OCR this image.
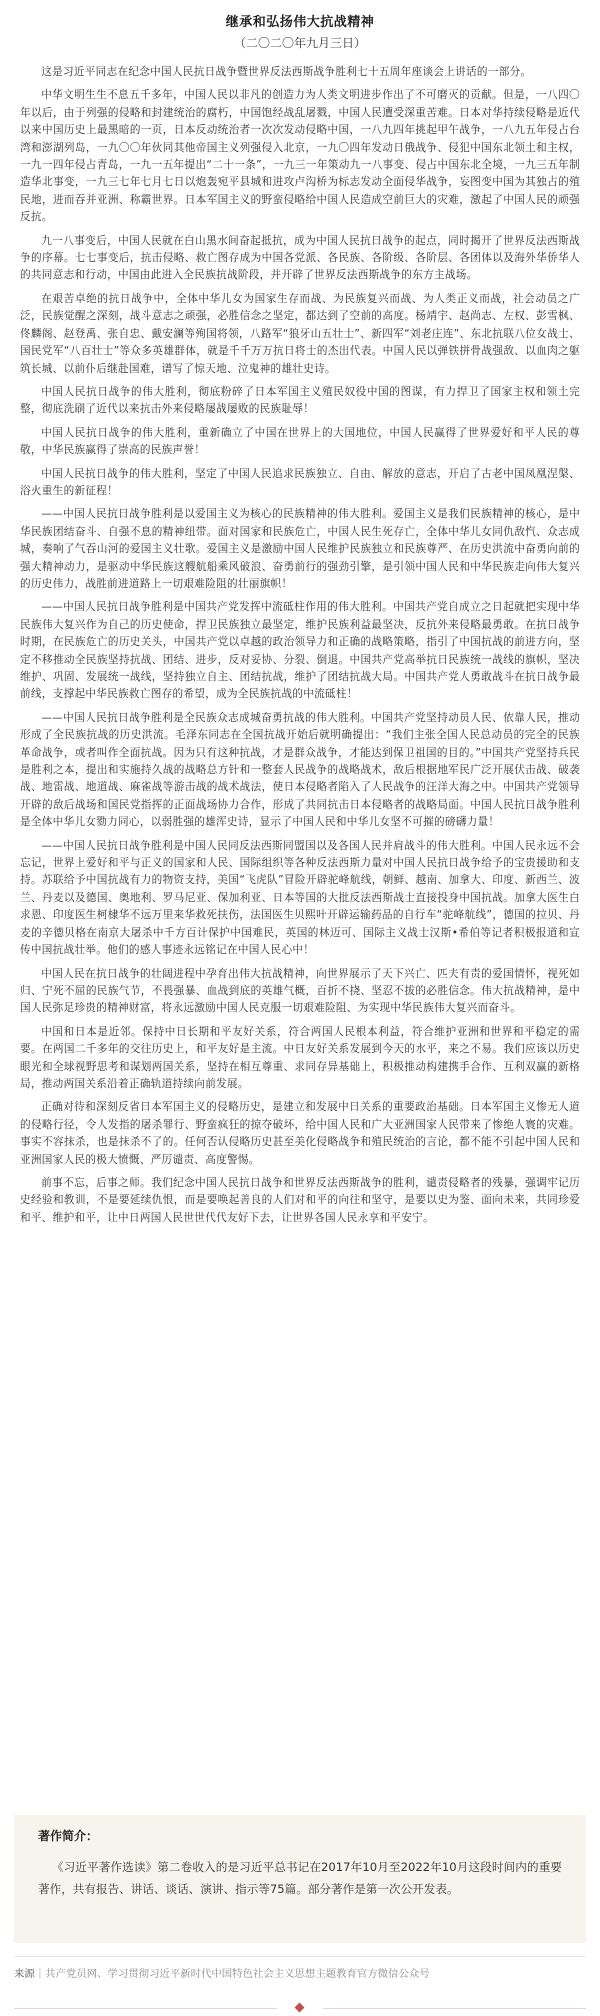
继承和弘扬伟大抗战精神
（二〇二〇年九月三日）

这是习近平同志在纪念中国人民抗日战争暨世界反法西斯战争胜利七十五周年座谈会上讲话的一部分。

中华文明生生不息五千多年，中国人民以非凡的创造力为人类文明进步作出了不可磨灭的贡献。但是，一八四〇年以后，由于列强的侵略和封建统治的腐朽，中国饱经战乱屠戮，中国人民遭受深重苦难。日本对华持续侵略是近代以来中国历史上最黑暗的一页，日本反动统治者一次次发动侵略中国，一八九四年挑起甲午战争，一八九五年侵占台湾和澎湖列岛，一九〇〇年伙同其他帝国主义列强侵入北京，一九〇四年发动日俄战争、侵犯中国东北领土和主权，一九一四年侵占青岛，一九一五年提出“二十一条”，一九三一年策动九一八事变、侵占中国东北全境，一九三五年制造华北事变，一九三七年七月七日以炮轰宛平县城和进攻卢沟桥为标志发动全面侵华战争，妄图变中国为其独占的殖民地，进而吞并亚洲、称霸世界。日本军国主义的野蛮侵略给中国人民造成空前巨大的灾难，激起了中国人民的顽强反抗。

九一八事变后，中国人民就在白山黑水间奋起抵抗，成为中国人民抗日战争的起点，同时揭开了世界反法西斯战争的序幕。七七事变后，抗击侵略、救亡图存成为中国各党派、各民族、各阶级、各阶层、各团体以及海外华侨华人的共同意志和行动，中国由此进入全民族抗战阶段，并开辟了世界反法西斯战争的东方主战场。

在艰苦卓绝的抗日战争中，全体中华儿女为国家生存而战、为民族复兴而战、为人类正义而战，社会动员之广泛，民族觉醒之深刻，战斗意志之顽强，必胜信念之坚定，都达到了空前的高度。杨靖宇、赵尚志、左权、彭雪枫、佟麟阁、赵登禹、张自忠、戴安澜等殉国将领，八路军“狼牙山五壮士”、新四军“刘老庄连”、东北抗联八位女战士、国民党军“八百壮士”等众多英雄群体，就是千千万万抗日将士的杰出代表。中国人民以弹铁拼骨战强敌、以血肉之躯筑长城、以前仆后继赴国难，谱写了惊天地、泣鬼神的雄壮史诗。

中国人民抗日战争的伟大胜利，彻底粉碎了日本军国主义殖民奴役中国的图谋，有力捍卫了国家主权和领土完整，彻底洗刷了近代以来抗击外来侵略屡战屡败的民族耻辱！

中国人民抗日战争的伟大胜利，重新确立了中国在世界上的大国地位，中国人民赢得了世界爱好和平人民的尊敬，中华民族赢得了崇高的民族声誉！

中国人民抗日战争的伟大胜利，坚定了中国人民追求民族独立、自由、解放的意志，开启了古老中国凤凰涅槃、浴火重生的新征程！

——中国人民抗日战争胜利是以爱国主义为核心的民族精神的伟大胜利。爱国主义是我们民族精神的核心，是中华民族团结奋斗、自强不息的精神纽带。面对国家和民族危亡，中国人民生死存亡，全体中华儿女同仇敌忾、众志成城，奏响了气吞山河的爱国主义壮歌。爱国主义是激励中国人民维护民族独立和民族尊严、在历史洪流中奋勇向前的强大精神动力，是驱动中华民族这艘航船乘风破浪、奋勇前行的强劲引擎，是引领中国人民和中华民族走向伟大复兴的历史伟力，战胜前进道路上一切艰难险阻的壮丽旗帜！

——中国人民抗日战争胜利是中国共产党发挥中流砥柱作用的伟大胜利。中国共产党自成立之日起就把实现中华民族伟大复兴作为自己的历史使命，捍卫民族独立最坚定，维护民族利益最坚决，反抗外来侵略最勇敢。在抗日战争时期，在民族危亡的历史关头，中国共产党以卓越的政治领导力和正确的战略策略，指引了中国抗战的前进方向，坚定不移推动全民族坚持抗战、团结、进步，反对妥协、分裂、倒退。中国共产党高举抗日民族统一战线的旗帜，坚决维护、巩固、发展统一战线，坚持独立自主、团结抗战，维护了团结抗战大局。中国共产党人勇敢战斗在抗日战争最前线，支撑起中华民族救亡图存的希望，成为全民族抗战的中流砥柱！

——中国人民抗日战争胜利是全民族众志成城奋勇抗战的伟大胜利。中国共产党坚持动员人民、依靠人民，推动形成了全民族抗战的历史洪流。毛泽东同志在全国抗战开始后就明确提出：“我们主张全国人民总动员的完全的民族革命战争，或者叫作全面抗战。因为只有这种抗战，才是群众战争，才能达到保卫祖国的目的。”中国共产党坚持兵民是胜利之本，提出和实施持久战的战略总方针和一整套人民战争的战略战术，敌后根据地军民广泛开展伏击战、破袭战、地雷战、地道战、麻雀战等游击战的战术战法，使日本侵略者陷入了人民战争的汪洋大海之中。中国共产党领导开辟的敌后战场和国民党指挥的正面战场协力合作，形成了共同抗击日本侵略者的战略局面。中国人民抗日战争胜利是全体中华儿女勠力同心，以弱胜强的雄浑史诗，显示了中国人民和中华儿女坚不可摧的磅礴力量！

——中国人民抗日战争胜利是中国人民同反法西斯同盟国以及各国人民并肩战斗的伟大胜利。中国人民永远不会忘记，世界上爱好和平与正义的国家和人民、国际组织等各种反法西斯力量对中国人民抗日战争给予的宝贵援助和支持。苏联给予中国抗战有力的物资支持，美国“飞虎队”冒险开辟驼峰航线，朝鲜、越南、加拿大、印度、新西兰、波兰、丹麦以及德国、奥地利、罗马尼亚、保加利亚、日本等国的大批反法西斯战士直接投身中国抗战。加拿大医生白求恩、印度医生柯棣华不远万里来华救死扶伤，法国医生贝熙叶开辟运输药品的自行车“驼峰航线”，德国的拉贝、丹麦的辛德贝格在南京大屠杀中千方百计保护中国难民，英国的林迈可、国际主义战士汉斯•希伯等记者积极报道和宣传中国抗战壮举。他们的感人事迹永远铭记在中国人民心中！

中国人民在抗日战争的壮阔进程中孕育出伟大抗战精神，向世界展示了天下兴亡、匹夫有责的爱国情怀，视死如归、宁死不屈的民族气节，不畏强暴、血战到底的英雄气概，百折不挠、坚忍不拔的必胜信念。伟大抗战精神，是中国人民弥足珍贵的精神财富，将永远激励中国人民克服一切艰难险阻、为实现中华民族伟大复兴而奋斗。

中国和日本是近邻。保持中日长期和平友好关系，符合两国人民根本利益，符合维护亚洲和世界和平稳定的需要。在两国二千多年的交往历史上，和平友好是主流。中日友好关系发展到今天的水平，来之不易。我们应该以历史眼光和全球视野思考和谋划两国关系，坚持在相互尊重、求同存异基础上，积极推动构建携手合作、互利双赢的新格局，推动两国关系沿着正确轨道持续向前发展。

正确对待和深刻反省日本军国主义的侵略历史，是建立和发展中日关系的重要政治基础。日本军国主义惨无人道的侵略行径，令人发指的屠杀罪行、野蛮疯狂的掠夺破坏，给中国人民和广大亚洲国家人民带来了惨绝人寰的灾难。事实不容抹杀，也是抹杀不了的。任何否认侵略历史甚至美化侵略战争和殖民统治的言论，都不能不引起中国人民和亚洲国家人民的极大愤慨、严厉谴责、高度警惕。

前事不忘，后事之师。我们纪念中国人民抗日战争和世界反法西斯战争的胜利，谴责侵略者的残暴，强调牢记历史经验和教训，不是要延续仇恨，而是要唤起善良的人们对和平的向往和坚守，是要以史为鉴、面向未来，共同珍爱和平、维护和平，让中日两国人民世世代代友好下去，让世界各国人民永享和平安宁。

著作简介：
《习近平著作选读》第二卷收入的是习近平总书记在2017年10月至2022年10月这段时间内的重要著作，共有报告、讲话、谈话、演讲、指示等75篇。部分著作是第一次公开发表。
来源｜共产党员网、学习贯彻习近平新时代中国特色社会主义思想主题教育官方微信公众号
